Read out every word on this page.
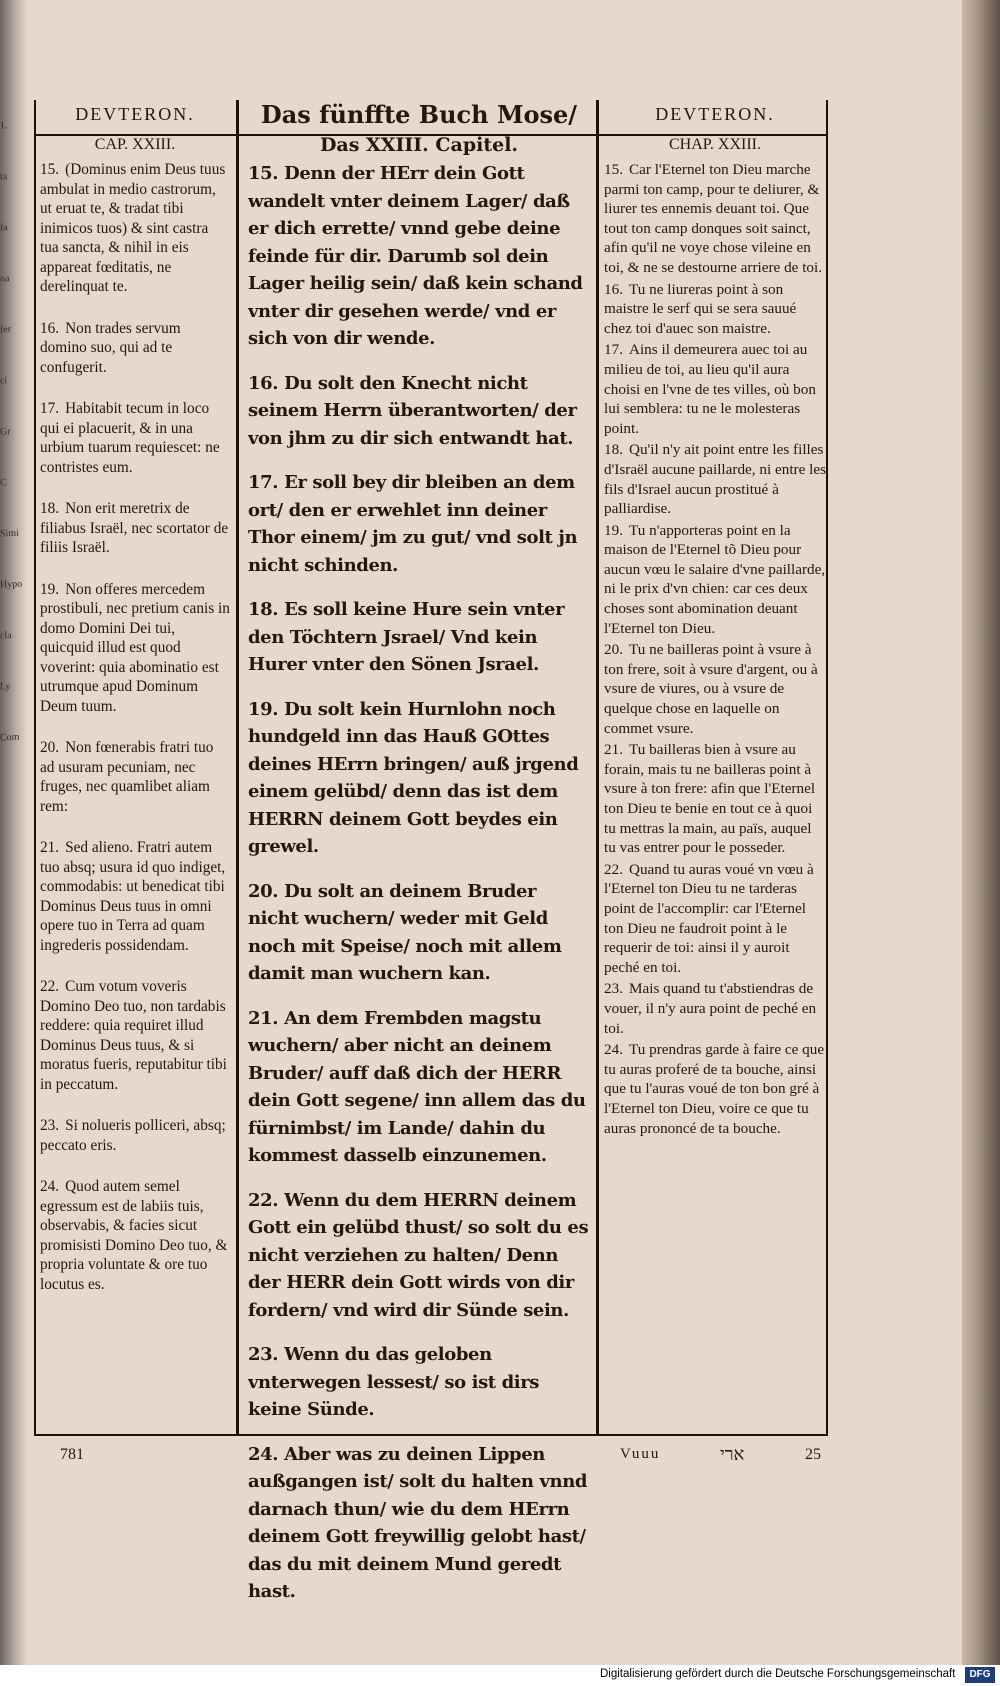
1.
ta
fa
na
fer
ci
Gr
C
Simi
Hypo
cla
Ly
Com
DEVTERON.	Das fünffte Buch Mose/	DEVTERON.
CAP. XXIII.	Das XXIII. Capitel.	CHAP. XXIII.

15. (Dominus enim Deus tuus ambulat in medio castrorum, ut eruat te, & tradat tibi inimicos tuos) & sint castra tua sancta, & nihil in eis appareat fœditatis, ne derelinquat te.

16. Non trades servum domino suo, qui ad te confugerit.

17. Habitabit tecum in loco qui ei placuerit, & in una urbium tuarum requiescet: ne contristes eum.

18. Non erit meretrix de filiabus Israël, nec scortator de filiis Israël.

19. Non offeres mercedem prostibuli, nec pretium canis in domo Domini Dei tui, quicquid illud est quod voverint: quia abominatio est utrumque apud Dominum Deum tuum.

20. Non fœnerabis fratri tuo ad usuram pecuniam, nec fruges, nec quamlibet aliam rem:

21. Sed alieno. Fratri autem tuo absq; usura id quo indiget, commodabis: ut benedicat tibi Dominus Deus tuus in omni opere tuo in Terra ad quam ingrederis possidendam.

22. Cum votum voveris Domino Deo tuo, non tardabis reddere: quia requiret illud Dominus Deus tuus, & si moratus fueris, reputabitur tibi in peccatum.

23. Si nolueris polliceri, absq; peccato eris.

24. Quod autem semel egressum est de labiis tuis, observabis, & facies sicut promisisti Domino Deo tuo, & propria voluntate & ore tuo locutus es.

15. Denn der HErr dein Gott wandelt vnter deinem Lager/ daß er dich errette/ vnnd gebe deine feinde für dir. Darumb sol dein Lager heilig sein/ daß kein schand vnter dir gesehen werde/ vnd er sich von dir wende.

16. Du solt den Knecht nicht seinem Herrn überantworten/ der von jhm zu dir sich entwandt hat.

17. Er soll bey dir bleiben an dem ort/ den er erwehlet inn deiner Thor einem/ jm zu gut/ vnd solt jn nicht schinden.

18. Es soll keine Hure sein vnter den Töchtern Jsrael/ Vnd kein Hurer vnter den Sönen Jsrael.

19. Du solt kein Hurnlohn noch hundgeld inn das Hauß GOttes deines HErrn bringen/ auß jrgend einem gelübd/ denn das ist dem HERRN deinem Gott beydes ein grewel.

20. Du solt an deinem Bruder nicht wuchern/ weder mit Geld noch mit Speise/ noch mit allem damit man wuchern kan.

21. An dem Frembden magstu wuchern/ aber nicht an deinem Bruder/ auff daß dich der HERR dein Gott segene/ inn allem das du fürnimbst/ im Lande/ dahin du kommest dasselb einzunemen.

22. Wenn du dem HERRN deinem Gott ein gelübd thust/ so solt du es nicht verziehen zu halten/ Denn der HERR dein Gott wirds von dir fordern/ vnd wird dir Sünde sein.

23. Wenn du das geloben vnterwegen lessest/ so ist dirs keine Sünde.

24. Aber was zu deinen Lippen außgangen ist/ solt du halten vnnd darnach thun/ wie du dem HErrn deinem Gott freywillig gelobt hast/ das du mit deinem Mund geredt hast.

15. Car l'Eternel ton Dieu marche parmi ton camp, pour te deliurer, & liurer tes ennemis deuant toi. Que tout ton camp donques soit sainct, afin qu'il ne voye chose vileine en toi, & ne se destourne arriere de toi.

16. Tu ne liureras point à son maistre le serf qui se sera sauué chez toi d'auec son maistre.

17. Ains il demeurera auec toi au milieu de toi, au lieu qu'il aura choisi en l'vne de tes villes, où bon lui semblera: tu ne le molesteras point.

18. Qu'il n'y ait point entre les filles d'Israël aucune paillarde, ni entre les fils d'Israel aucun prostitué à palliardise.

19. Tu n'apporteras point en la maison de l'Eternel tõ Dieu pour aucun vœu le salaire d'vne paillarde, ni le prix d'vn chien: car ces deux choses sont abomination deuant l'Eternel ton Dieu.

20. Tu ne bailleras point à vsure à ton frere, soit à vsure d'argent, ou à vsure de viures, ou à vsure de quelque chose en laquelle on commet vsure.

21. Tu bailleras bien à vsure au forain, mais tu ne bailleras point à vsure à ton frere: afin que l'Eternel ton Dieu te benie en tout ce à quoi tu mettras la main, au païs, auquel tu vas entrer pour le posseder.

22. Quand tu auras voué vn vœu à l'Eternel ton Dieu tu ne tarderas point de l'accomplir: car l'Eternel ton Dieu ne faudroit point à le requerir de toi: ainsi il y auroit peché en toi.

23. Mais quand tu t'abstiendras de vouer, il n'y aura point de peché en toi.

24. Tu prendras garde à faire ce que tu auras proferé de ta bouche, ainsi que tu l'auras voué de ton bon gré à l'Eternel ton Dieu, voire ce que tu auras prononcé de ta bouche.

781	Vuuu	ארי	25
Digitalisierung gefördert durch die Deutsche Forschungsgemeinschaft	DFG
